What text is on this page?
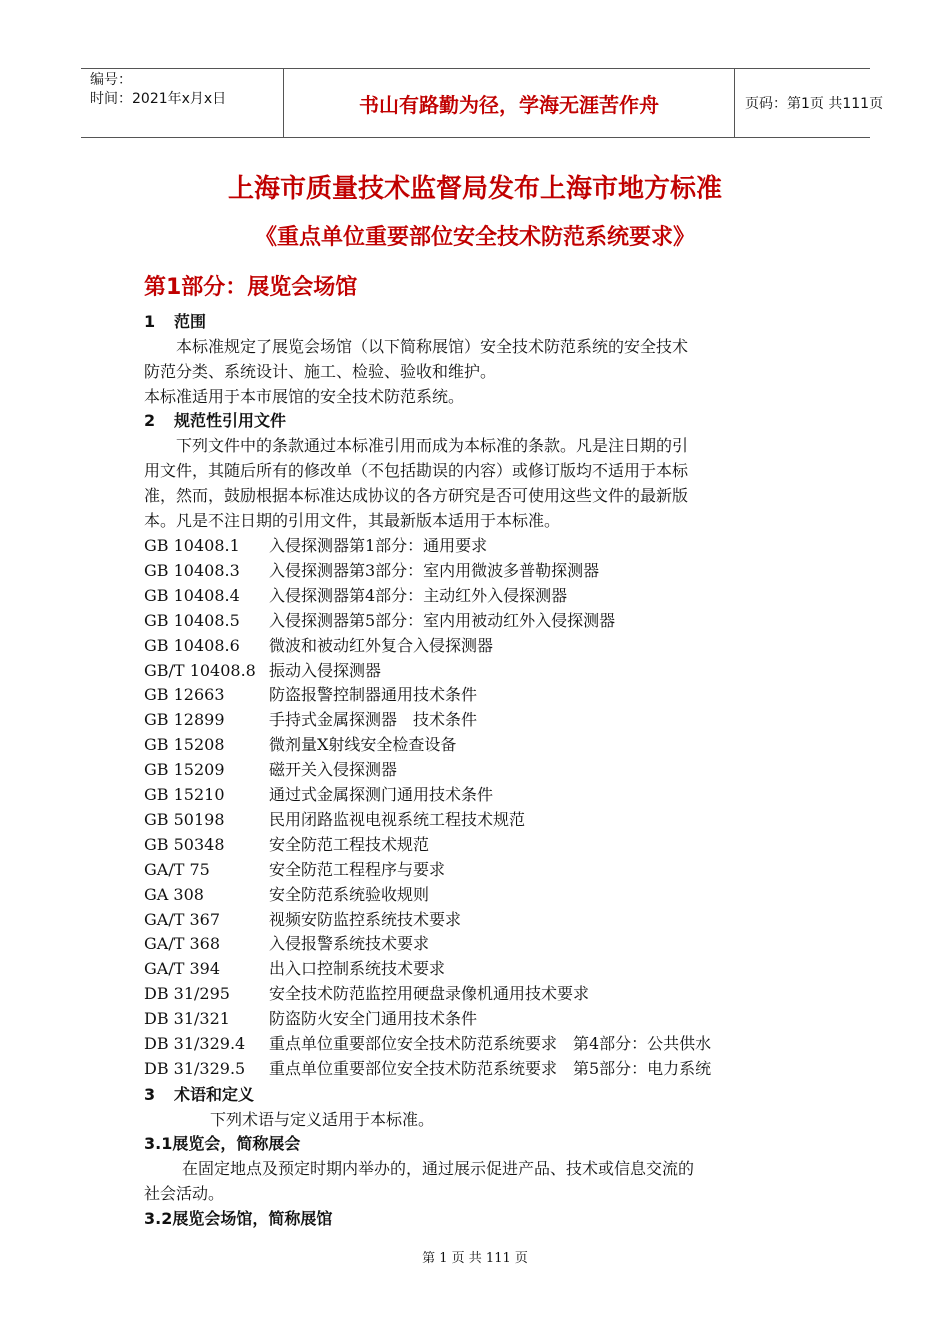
编号：
时间：2021年x月x日	书山有路勤为径，学海无涯苦作舟	页码：第1页 共111页
上海市质量技术监督局发布上海市地方标准
《重点单位重要部位安全技术防范系统要求》
第1部分：展览会场馆
1 范围
本标准规定了展览会场馆（以下简称展馆）安全技术防范系统的安全技术
防范分类、系统设计、施工、检验、验收和维护。
本标准适用于本市展馆的安全技术防范系统。
2 规范性引用文件
下列文件中的条款通过本标准引用而成为本标准的条款。凡是注日期的引
用文件，其随后所有的修改单（不包括勘误的内容）或修订版均不适用于本标
准，然而，鼓励根据本标准达成协议的各方研究是否可使用这些文件的最新版
本。凡是不注日期的引用文件，其最新版本适用于本标准。
GB 10408.1 入侵探测器第1部分：通用要求
GB 10408.3 入侵探测器第3部分：室内用微波多普勒探测器
GB 10408.4 入侵探测器第4部分：主动红外入侵探测器
GB 10408.5 入侵探测器第5部分：室内用被动红外入侵探测器
GB 10408.6 微波和被动红外复合入侵探测器
GB/T 10408.8 振动入侵探测器
GB 12663	防盗报警控制器通用技术条件
GB 12899	手持式金属探测器　技术条件
GB 15208	微剂量X射线安全检查设备
GB 15209	磁开关入侵探测器
GB 15210	通过式金属探测门通用技术条件
GB 50198	民用闭路监视电视系统工程技术规范
GB 50348	安全防范工程技术规范
GA/T 75	安全防范工程程序与要求
GA 308	安全防范系统验收规则
GA/T 367	视频安防监控系统技术要求
GA/T 368	入侵报警系统技术要求
GA/T 394	出入口控制系统技术要求
DB 31/295 安全技术防范监控用硬盘录像机通用技术要求
DB 31/321 防盗防火安全门通用技术条件
DB 31/329.4 重点单位重要部位安全技术防范系统要求　第4部分：公共供水
DB 31/329.5 重点单位重要部位安全技术防范系统要求　第5部分：电力系统
3 术语和定义
下列术语与定义适用于本标准。
3.1展览会，简称展会
在固定地点及预定时期内举办的，通过展示促进产品、技术或信息交流的
社会活动。
3.2展览会场馆，简称展馆
第 1 页 共 111 页
